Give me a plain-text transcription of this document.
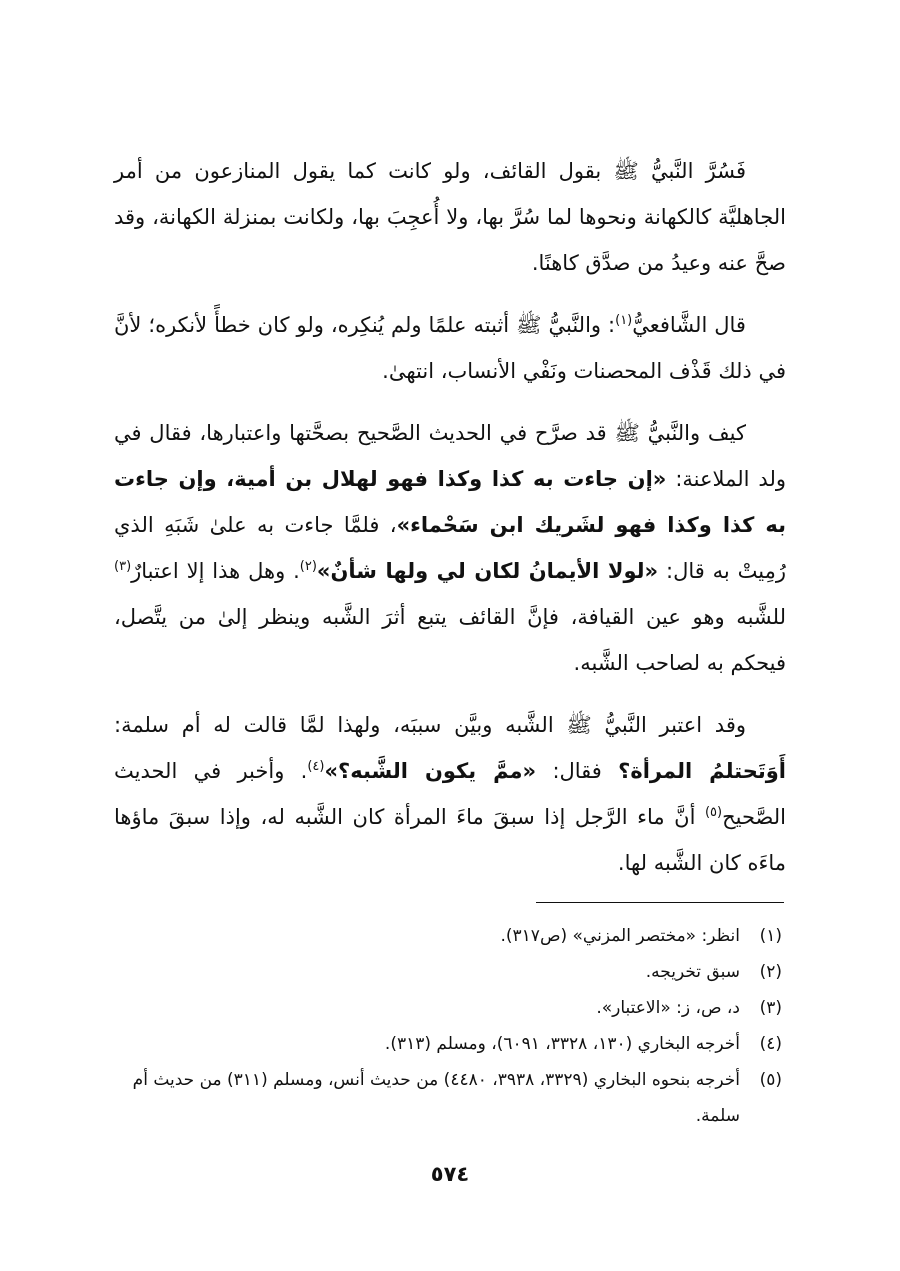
فَسُرَّ النَّبيُّ ﷺ بقول القائف، ولو كانت كما يقول المنازعون من أمر الجاهليَّة كالكهانة ونحوها لما سُرَّ بها، ولا أُعجِبَ بها، ولكانت بمنزلة الكهانة، وقد صحَّ عنه وعيدُ من صدَّق كاهنًا.

قال الشَّافعيُّ$^{(١)}$: والنَّبيُّ ﷺ أثبته علمًا ولم يُنكِره، ولو كان خطأً لأنكره؛ لأنَّ في ذلك قَذْف المحصنات ونَفْي الأنساب، انتهىٰ.

كيف والنَّبيُّ ﷺ قد صرَّح في الحديث الصَّحيح بصحَّتها واعتبارها، فقال في ولد الملاعنة: «إن جاءت به كذا وكذا فهو لهلال بن أمية، وإن جاءت به كذا وكذا فهو لشَريك ابن سَحْماء»، فلمَّا جاءت به علىٰ شَبَهِ الذي رُمِيتْ به قال: «لولا الأيمانُ لكان لي ولها شأنٌ»$^{(٢)}$. وهل هذا إلا اعتبارٌ$^{(٣)}$ للشَّبه وهو عين القيافة، فإنَّ القائف يتبع أثرَ الشَّبه وينظر إلىٰ من يتَّصل، فيحكم به لصاحب الشَّبه.

وقد اعتبر النَّبيُّ ﷺ الشَّبه وبيَّن سببَه، ولهذا لمَّا قالت له أم سلمة: أَوَتَحتلمُ المرأة؟ فقال: «ممَّ يكون الشَّبه؟»$^{(٤)}$. وأخبر في الحديث الصَّحيح$^{(٥)}$ أنَّ ماء الرَّجل إذا سبقَ ماءَ المرأة كان الشَّبه له، وإذا سبقَ ماؤها ماءَه كان الشَّبه لها.

(١)
انظر: «مختصر المزني» (ص٣١٧).
(٢)
سبق تخريجه.
(٣)
د، ص، ز: «الاعتبار».
(٤)
أخرجه البخاري (١٣٠، ٣٣٢٨، ٦٠٩١)، ومسلم (٣١٣).
(٥)
أخرجه بنحوه البخاري (٣٣٢٩، ٣٩٣٨، ٤٤٨٠) من حديث أنس، ومسلم (٣١١) من حديث أم سلمة.
٥٧٤
